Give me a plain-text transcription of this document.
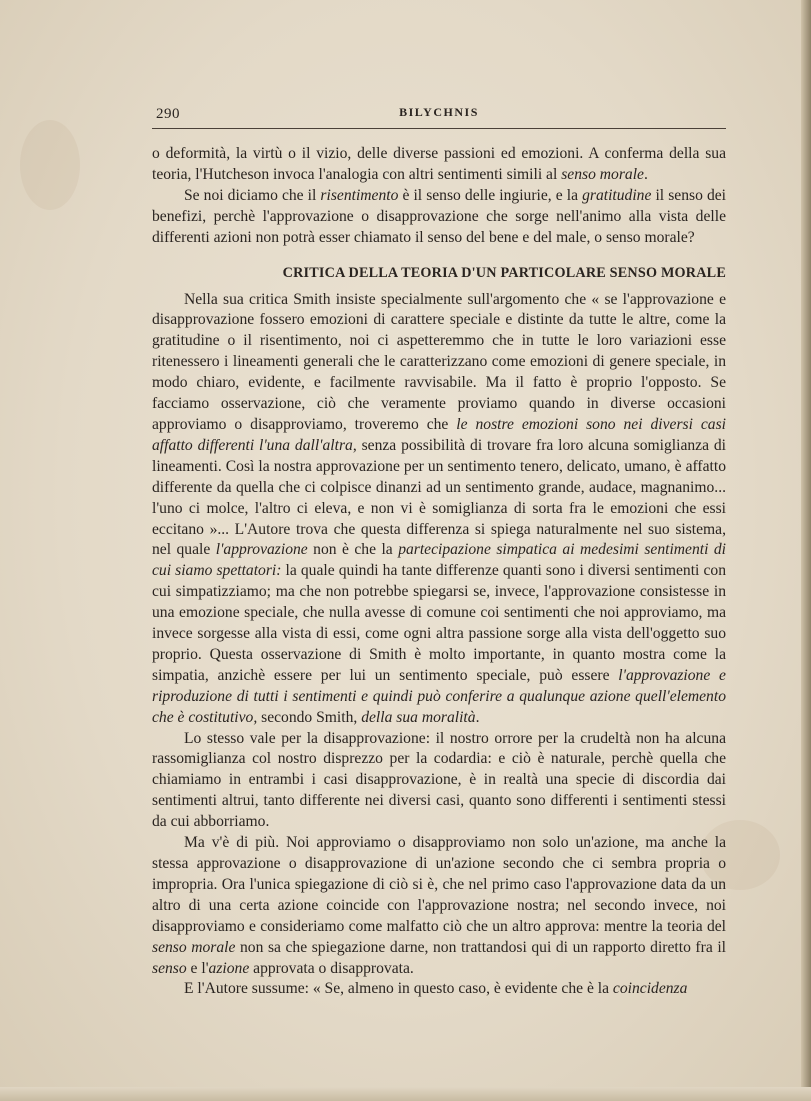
290	BILYCHNIS

o deformità, la virtù o il vizio, delle diverse passioni ed emozioni. A conferma della sua teoria, l'Hutcheson invoca l'analogia con altri sentimenti simili al senso morale.

Se noi diciamo che il risentimento è il senso delle ingiurie, e la gratitudine il senso dei benefizi, perchè l'approvazione o disapprovazione che sorge nell'animo alla vista delle differenti azioni non potrà esser chiamato il senso del bene e del male, o senso morale?

CRITICA DELLA TEORIA D'UN PARTICOLARE SENSO MORALE

Nella sua critica Smith insiste specialmente sull'argomento che « se l'approvazione e disapprovazione fossero emozioni di carattere speciale e distinte da tutte le altre, come la gratitudine o il risentimento, noi ci aspetteremmo che in tutte le loro variazioni esse ritenessero i lineamenti generali che le caratterizzano come emozioni di genere speciale, in modo chiaro, evidente, e facilmente ravvisabile. Ma il fatto è proprio l'opposto. Se facciamo osservazione, ciò che veramente proviamo quando in diverse occasioni approviamo o disapproviamo, troveremo che le nostre emozioni sono nei diversi casi affatto differenti l'una dall'altra, senza possibilità di trovare fra loro alcuna somiglianza di lineamenti. Così la nostra approvazione per un sentimento tenero, delicato, umano, è affatto differente da quella che ci colpisce dinanzi ad un sentimento grande, audace, magnanimo... l'uno ci molce, l'altro ci eleva, e non vi è somiglianza di sorta fra le emozioni che essi eccitano »... L'Autore trova che questa differenza si spiega naturalmente nel suo sistema, nel quale l'approvazione non è che la partecipazione simpatica ai medesimi sentimenti di cui siamo spettatori: la quale quindi ha tante differenze quanti sono i diversi sentimenti con cui simpatizziamo; ma che non potrebbe spiegarsi se, invece, l'approvazione consistesse in una emozione speciale, che nulla avesse di comune coi sentimenti che noi approviamo, ma invece sorgesse alla vista di essi, come ogni altra passione sorge alla vista dell'oggetto suo proprio. Questa osservazione di Smith è molto importante, in quanto mostra come la simpatia, anzichè essere per lui un sentimento speciale, può essere l'approvazione e riproduzione di tutti i sentimenti e quindi può conferire a qualunque azione quell'elemento che è costitutivo, secondo Smith, della sua moralità.

Lo stesso vale per la disapprovazione: il nostro orrore per la crudeltà non ha alcuna rassomiglianza col nostro disprezzo per la codardia: e ciò è naturale, perchè quella che chiamiamo in entrambi i casi disapprovazione, è in realtà una specie di discordia dai sentimenti altrui, tanto differente nei diversi casi, quanto sono differenti i sentimenti stessi da cui abborriamo.

Ma v'è di più. Noi approviamo o disapproviamo non solo un'azione, ma anche la stessa approvazione o disapprovazione di un'azione secondo che ci sembra propria o impropria. Ora l'unica spiegazione di ciò si è, che nel primo caso l'approvazione data da un altro di una certa azione coincide con l'approvazione nostra; nel secondo invece, noi disapproviamo e consideriamo come malfatto ciò che un altro approva: mentre la teoria del senso morale non sa che spiegazione darne, non trattandosi qui di un rapporto diretto fra il senso e l'azione approvata o disapprovata.

E l'Autore sussume: « Se, almeno in questo caso, è evidente che è la coincidenza
